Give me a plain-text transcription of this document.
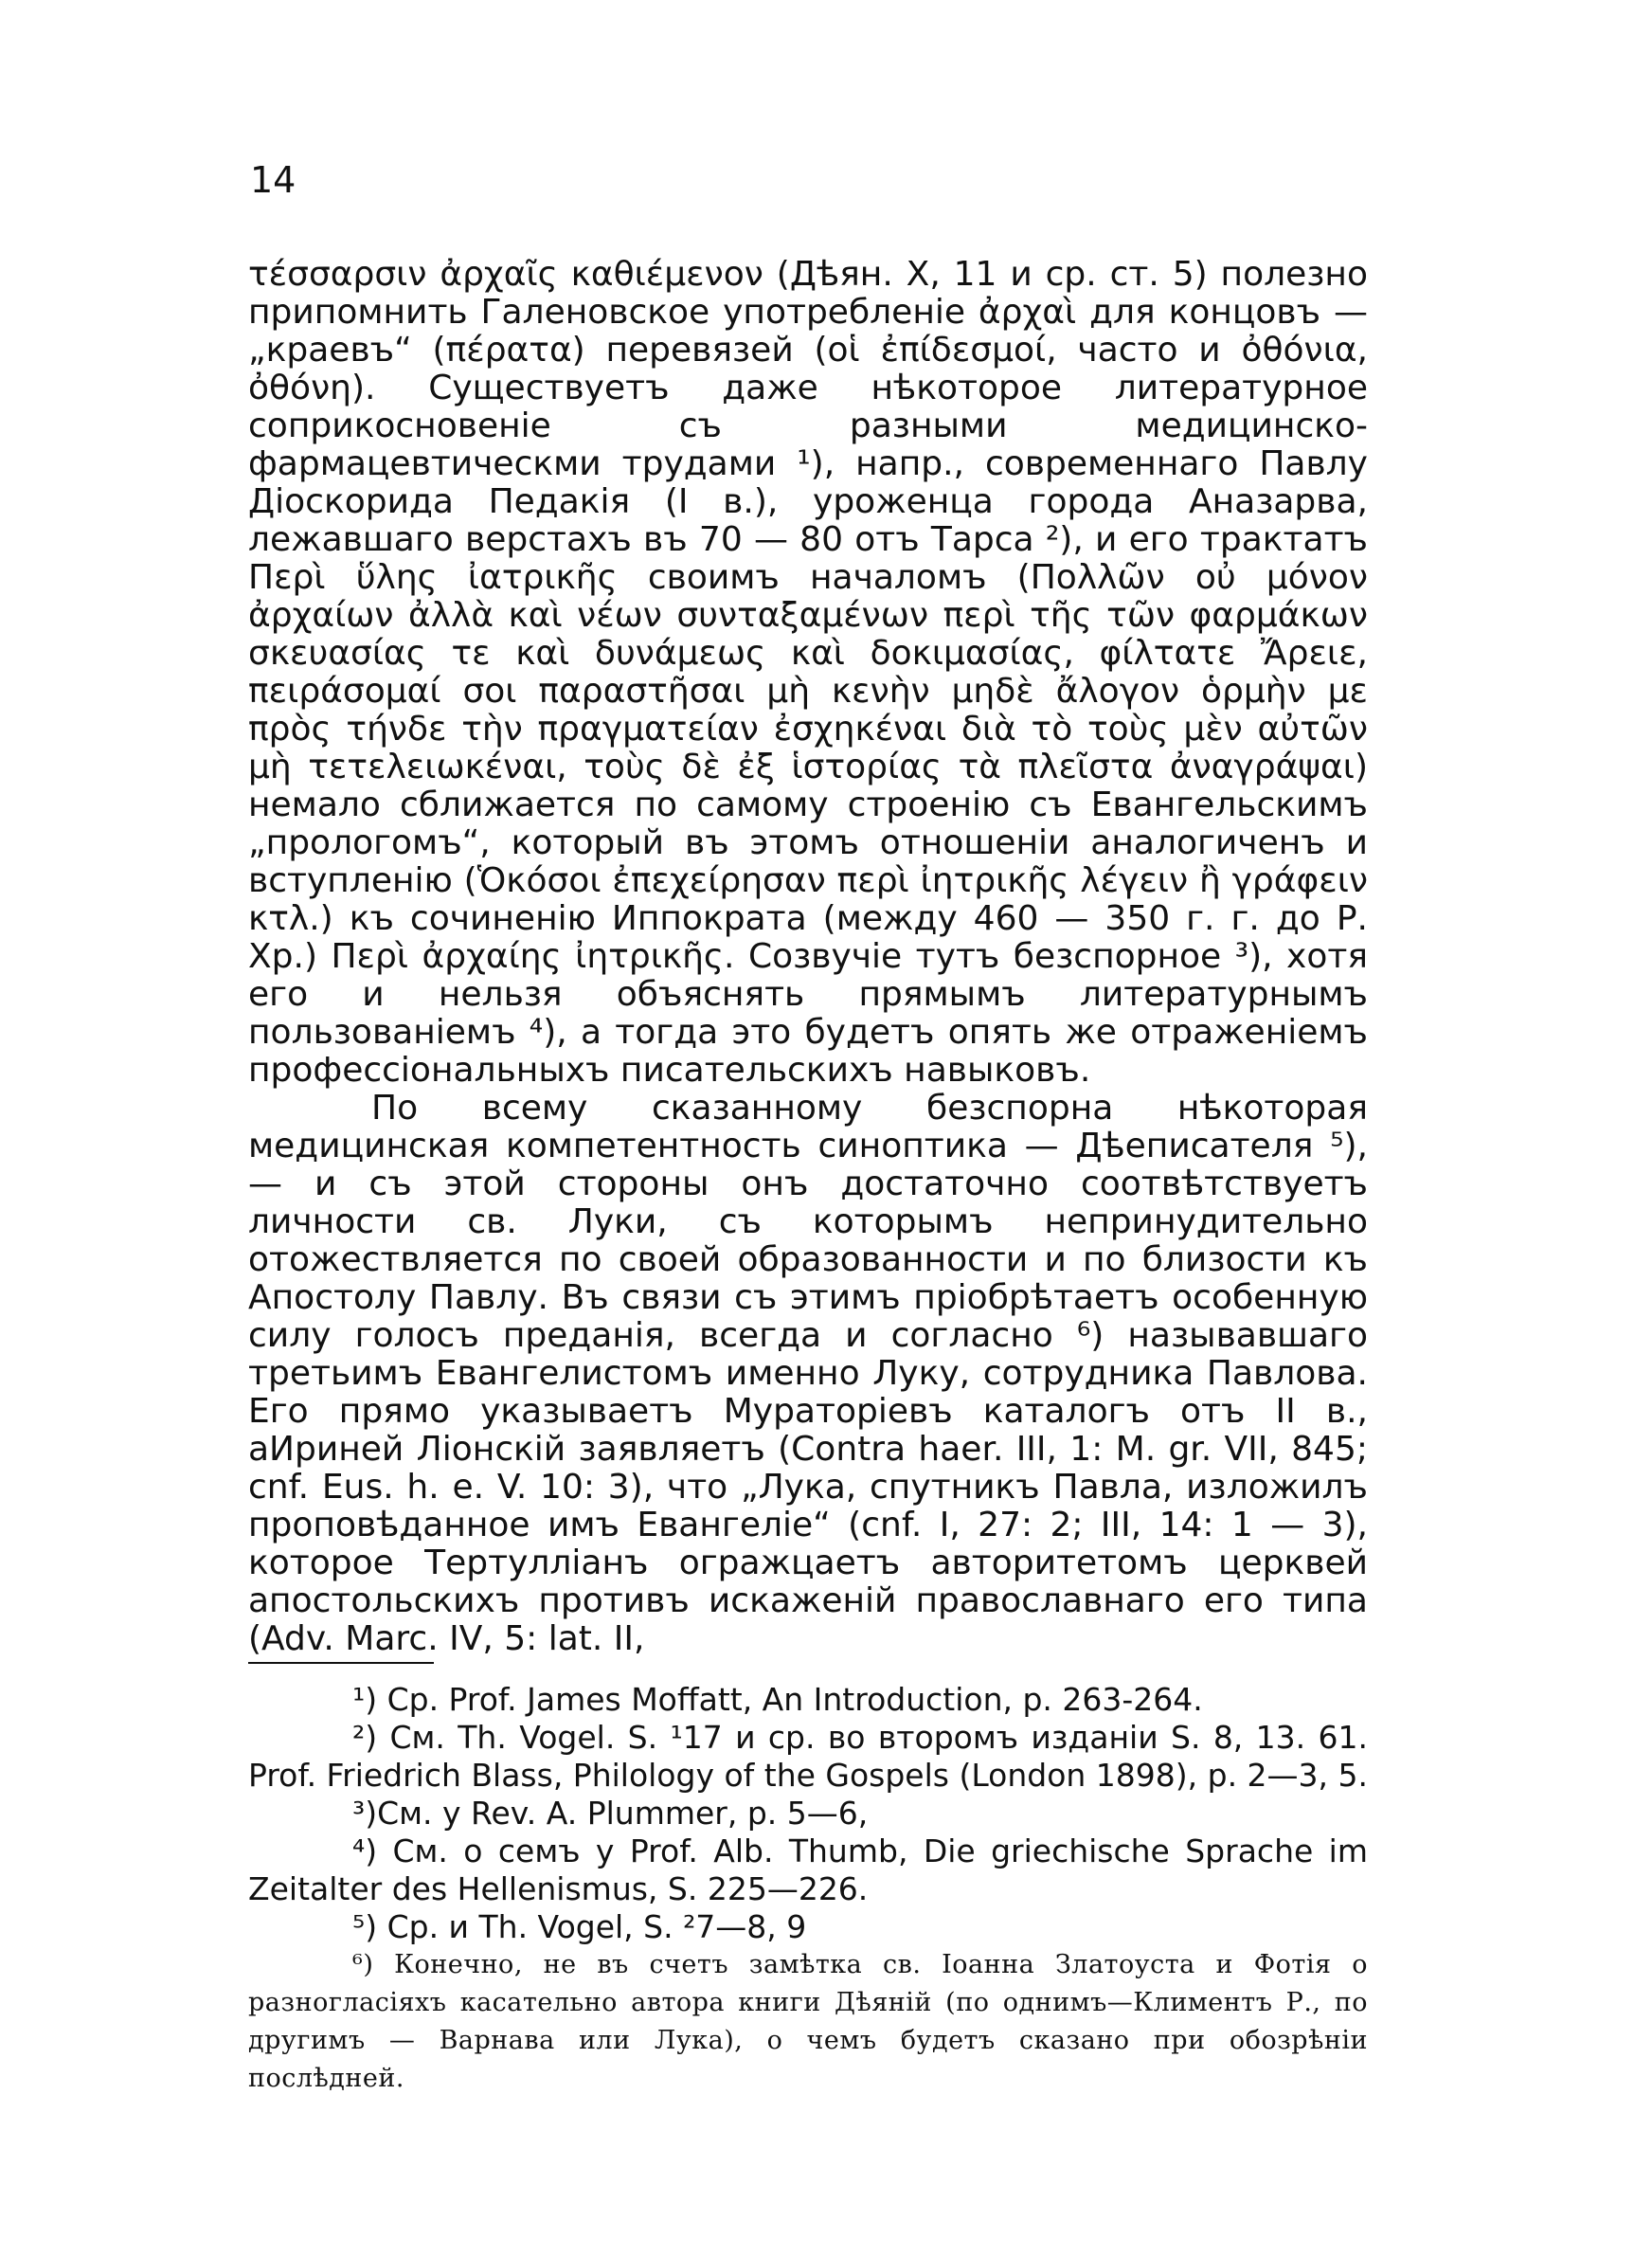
14

τέσσαρσιν ἀρχαῖς καθιέμενον (Дѣян. X, 11 и ср. ст. 5) полезно припомнить Галеновское употребленіе ἀρχαὶ для концовъ — „краевъ“ (πέρατα) перевязей (οἱ ἐπίδεσμοί, часто и ὀθόνια, ὀθόνη). Существуетъ даже нѣкоторое литературное соприкосновеніе съ разными медицинско-фармацевтическми трудами ¹), напр., современнаго Павлу Діоскорида Педакія (I в.), уроженца города Аназарва, лежавшаго верстахъ въ 70 — 80 отъ Тарса ²), и его трактатъ Περὶ ὕλης ἰατρικῆς своимъ началомъ (Πολλῶν οὐ μόνον ἀρχαίων ἀλλὰ καὶ νέων συνταξαμένων περὶ τῆς τῶν φαρμάκων σκευασίας τε καὶ δυνάμεως καὶ δοκιμασίας, φίλτατε Ἄρειε, πειράσομαί σοι παραστῆσαι μὴ κενὴν μηδὲ ἄλογον ὁρμὴν με πρὸς τήνδε τὴν πραγματείαν ἐσχηκέναι διὰ τὸ τοὺς μὲν αὐτῶν μὴ τετελειωκέναι, τοὺς δὲ ἐξ ἱστορίας τὰ πλεῖστα ἀναγράψαι) немало сближается по самому строенію съ Евангельскимъ „прологомъ“, который въ этомъ отношеніи аналогиченъ и вступленію (Ὁκόσοι ἐπεχείρησαν περὶ ἰητρικῆς λέγειν ἢ γράφειν κτλ.) къ сочиненію Иппократа (между 460 — 350 г. г. до Р. Хр.) Περὶ ἀρχαίης ἰητρικῆς. Созвучіе тутъ безспорное ³), хотя его и нельзя объяснять прямымъ литературнымъ пользованіемъ ⁴), а тогда это будетъ опять же отраженіемъ профессіональныхъ писательскихъ навыковъ.

По всему сказанному безспорна нѣкоторая медицинская компетентность синоптика — Дѣеписателя ⁵), — и съ этой стороны онъ достаточно соотвѣтствуетъ личности св. Луки, съ которымъ непринудительно отожествляется по своей образованности и по близости къ Апостолу Павлу. Въ связи съ этимъ пріобрѣтаетъ особенную силу голосъ преданія, всегда и согласно ⁶) называвшаго третьимъ Евангелистомъ именно Луку, сотрудника Павлова. Его прямо указываетъ Мураторіевъ каталогъ отъ II в., аИриней Ліонскій заявляетъ (Contra haer. III, 1: M. gr. VII, 845; cnf. Eus. h. e. V. 10: 3), что „Лука, спутникъ Павла, изложилъ проповѣданное имъ Евангеліе“ (cnf. I, 27: 2; III, 14: 1 — 3), которое Тертулліанъ огражцаетъ авторитетомъ церквей апостольскихъ противъ искаженій православнаго его типа (Adv. Marc. IV, 5: lat. II,

¹) Ср. Prof. James Moffatt, An Introduction, p. 263-264.

²) См. Th. Vogel. S. ¹17 и ср. во второмъ изданіи S. 8, 13. 61. Prof. Friedrich Blass, Philology of the Gospels (London 1898), p. 2—3, 5.

³)См. у Rev. A. Plummer, p. 5—6,

⁴) См. о семъ у Prof. Alb. Thumb, Die griechische Sprache im Zeitalter des Hellenismus, S. 225—226.

⁵) Ср. и Th. Vogel, S. ²7—8, 9

⁶) Конечно, не въ счетъ замѣтка св. Іоанна Златоуста и Фотія о разногласіяхъ касательно автора книги Дѣяній (по однимъ—Климентъ Р., по другимъ — Варнава или Лука), о чемъ будетъ сказано при обозрѣніи послѣдней.
